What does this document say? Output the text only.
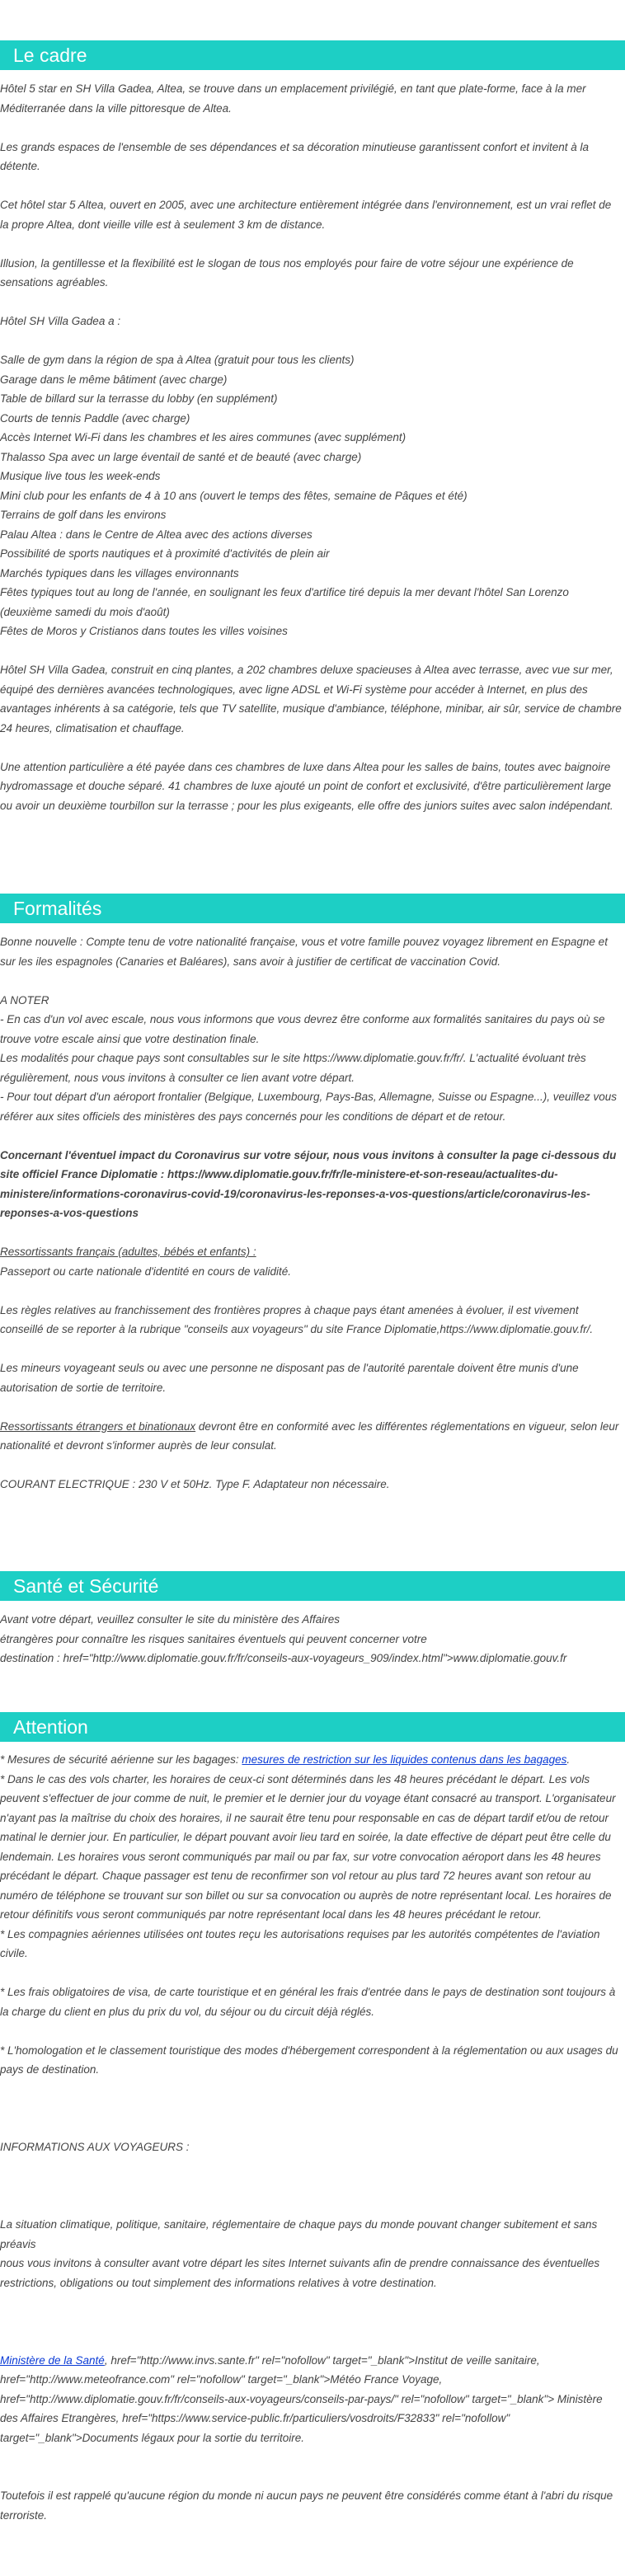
Le cadre

Hôtel 5 star en SH Villa Gadea, Altea, se trouve dans un emplacement privilégié, en tant que plate-forme, face à la mer Méditerranée dans la ville pittoresque de Altea.

Les grands espaces de l'ensemble de ses dépendances et sa décoration minutieuse garantissent confort et invitent à la détente.

Cet hôtel star 5 Altea, ouvert en 2005, avec une architecture entièrement intégrée dans l'environnement, est un vrai reflet de la propre Altea, dont vieille ville est à seulement 3 km de distance.

Illusion, la gentillesse et la flexibilité est le slogan de tous nos employés pour faire de votre séjour une expérience de sensations agréables.

Hôtel SH Villa Gadea a :

Salle de gym dans la région de spa à Altea (gratuit pour tous les clients)

Garage dans le même bâtiment (avec charge)

Table de billard sur la terrasse du lobby (en supplément)

Courts de tennis Paddle (avec charge)

Accès Internet Wi-Fi dans les chambres et les aires communes (avec supplément)

Thalasso Spa avec un large éventail de santé et de beauté (avec charge)

Musique live tous les week-ends

Mini club pour les enfants de 4 à 10 ans (ouvert le temps des fêtes, semaine de Pâques et été)

Terrains de golf dans les environs

Palau Altea : dans le Centre de Altea avec des actions diverses

Possibilité de sports nautiques et à proximité d'activités de plein air

Marchés typiques dans les villages environnants

Fêtes typiques tout au long de l'année, en soulignant les feux d'artifice tiré depuis la mer devant l'hôtel San Lorenzo (deuxième samedi du mois d'août)

Fêtes de Moros y Cristianos dans toutes les villes voisines

Hôtel SH Villa Gadea, construit en cinq plantes, a 202 chambres deluxe spacieuses à Altea avec terrasse, avec vue sur mer, équipé des dernières avancées technologiques, avec ligne ADSL et Wi-Fi système pour accéder à Internet, en plus des avantages inhérents à sa catégorie, tels que TV satellite, musique d'ambiance, téléphone, minibar, air sûr, service de chambre 24 heures, climatisation et chauffage.

Une attention particulière a été payée dans ces chambres de luxe dans Altea pour les salles de bains, toutes avec baignoire hydromassage et douche séparé. 41 chambres de luxe ajouté un point de confort et exclusivité, d'être particulièrement large ou avoir un deuxième tourbillon sur la terrasse ; pour les plus exigeants, elle offre des juniors suites avec salon indépendant.

Formalités

Bonne nouvelle : Compte tenu de votre nationalité française, vous et votre famille pouvez voyagez librement en Espagne et sur les iles espagnoles (Canaries et Baléares), sans avoir à justifier de certificat de vaccination Covid.

A NOTER

- En cas d'un vol avec escale, nous vous informons que vous devrez être conforme aux formalités sanitaires du pays où se trouve votre escale ainsi que votre destination finale.

Les modalités pour chaque pays sont consultables sur le site https://www.diplomatie.gouv.fr/fr/. L'actualité évoluant très régulièrement, nous vous invitons à consulter ce lien avant votre départ.

- Pour tout départ d'un aéroport frontalier (Belgique, Luxembourg, Pays-Bas, Allemagne, Suisse ou Espagne...), veuillez vous référer aux sites officiels des ministères des pays concernés pour les conditions de départ et de retour.

Concernant l'éventuel impact du Coronavirus sur votre séjour, nous vous invitons à consulter la page ci-dessous du site officiel France Diplomatie : https://www.diplomatie.gouv.fr/fr/le-ministere-et-son-reseau/actualites-du-ministere/informations-coronavirus-covid-19/coronavirus-les-reponses-a-vos-questions/article/coronavirus-les-reponses-a-vos-questions

Ressortissants français (adultes, bébés et enfants) :

Passeport ou carte nationale d'identité en cours de validité.

Les règles relatives au franchissement des frontières propres à chaque pays étant amenées à évoluer, il est vivement conseillé de se reporter à la rubrique "conseils aux voyageurs" du site France Diplomatie,https://www.diplomatie.gouv.fr/.

Les mineurs voyageant seuls ou avec une personne ne disposant pas de l'autorité parentale doivent être munis d'une autorisation de sortie de territoire.

Ressortissants étrangers et binationaux devront être en conformité avec les différentes réglementations en vigueur, selon leur nationalité et devront s'informer auprès de leur consulat.

COURANT ELECTRIQUE : 230 V et 50Hz. Type F. Adaptateur non nécessaire.

Santé et Sécurité

Avant votre départ, veuillez consulter le site du ministère des Affaires

étrangères pour connaître les risques sanitaires éventuels qui peuvent concerner votre

destination : href="http://www.diplomatie.gouv.fr/fr/conseils-aux-voyageurs_909/index.html">www.diplomatie.gouv.fr

Attention

* Mesures de sécurité aérienne sur les bagages: mesures de restriction sur les liquides contenus dans les bagages.

* Dans le cas des vols charter, les horaires de ceux-ci sont déterminés dans les 48 heures précédant le départ. Les vols peuvent s'effectuer de jour comme de nuit, le premier et le dernier jour du voyage étant consacré au transport. L'organisateur n'ayant pas la maîtrise du choix des horaires, il ne saurait être tenu pour responsable en cas de départ tardif et/ou de retour matinal le dernier jour. En particulier, le départ pouvant avoir lieu tard en soirée, la date effective de départ peut être celle du lendemain. Les horaires vous seront communiqués par mail ou par fax, sur votre convocation aéroport dans les 48 heures précédant le départ. Chaque passager est tenu de reconfirmer son vol retour au plus tard 72 heures avant son retour au numéro de téléphone se trouvant sur son billet ou sur sa convocation ou auprès de notre représentant local. Les horaires de retour définitifs vous seront communiqués par notre représentant local dans les 48 heures précédant le retour.

* Les compagnies aériennes utilisées ont toutes reçu les autorisations requises par les autorités compétentes de l'aviation civile.

* Les frais obligatoires de visa, de carte touristique et en général les frais d'entrée dans le pays de destination sont toujours à la charge du client en plus du prix du vol, du séjour ou du circuit déjà réglés.

* L'homologation et le classement touristique des modes d'hébergement correspondent à la réglementation ou aux usages du pays de destination.

INFORMATIONS AUX VOYAGEURS :

La situation climatique, politique, sanitaire, réglementaire de chaque pays du monde pouvant changer subitement et sans préavis
nous vous invitons à consulter avant votre départ les sites Internet suivants afin de prendre connaissance des éventuelles restrictions, obligations ou tout simplement des informations relatives à votre destination.

Ministère de la Santé, href="http://www.invs.sante.fr" rel="nofollow" target="_blank">Institut de veille sanitaire, href="http://www.meteofrance.com" rel="nofollow" target="_blank">Météo France Voyage, href="http://www.diplomatie.gouv.fr/fr/conseils-aux-voyageurs/conseils-par-pays/" rel="nofollow" target="_blank"> Ministère des Affaires Etrangères, href="https://www.service-public.fr/particuliers/vosdroits/F32833" rel="nofollow" target="_blank">Documents légaux pour la sortie du territoire.

Toutefois il est rappelé qu'aucune région du monde ni aucun pays ne peuvent être considérés comme étant à l'abri du risque terroriste.
